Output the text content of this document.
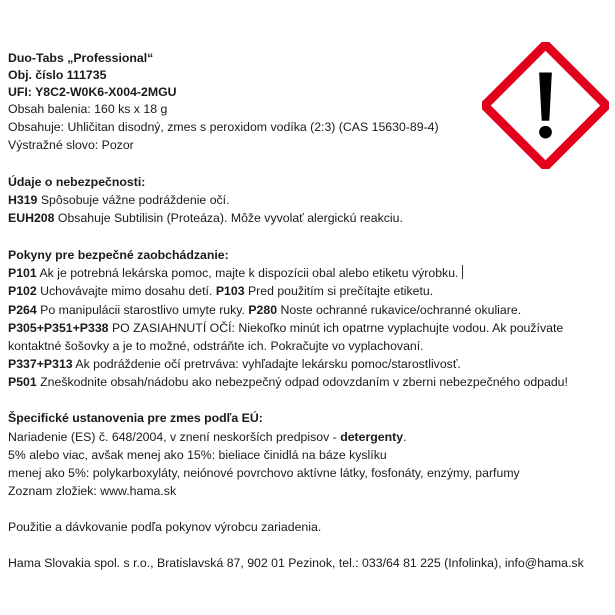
Duo-Tabs „Professional“
Obj. číslo 111735
UFI: Y8C2-W0K6-X004-2MGU
Obsah balenia: 160 ks x 18 g
Obsahuje: Uhličitan disodný, zmes s peroxidom vodíka (2:3) (CAS 15630-89-4)
Výstražné slovo: Pozor
Údaje o nebezpečnosti:
H319 Spôsobuje vážne podráždenie očí.
EUH208 Obsahuje Subtilisin (Proteáza). Môže vyvolať alergickú reakciu.
Pokyny pre bezpečné zaobchádzanie:
P101 Ak je potrebná lekárska pomoc, majte k dispozícii obal alebo etiketu výrobku.
P102 Uchovávajte mimo dosahu detí. P103 Pred použitím si prečítajte etiketu.
P264 Po manipulácii starostlivo umyte ruky. P280 Noste ochranné rukavice/ochranné okuliare.
P305+P351+P338 PO ZASIAHNUTÍ OČÍ: Niekoľko minút ich opatrne vyplachujte vodou. Ak používate
kontaktné šošovky a je to možné, odstráňte ich. Pokračujte vo vyplachovaní.
P337+P313 Ak podráždenie očí pretrváva: vyhľadajte lekársku pomoc/starostlivosť.
P501 Zneškodnite obsah/nádobu ako nebezpečný odpad odovzdaním v zberni nebezpečného odpadu!
Špecifické ustanovenia pre zmes podľa EÚ:
Nariadenie (ES) č. 648/2004, v znení neskorších predpisov - detergenty.
5% alebo viac, avšak menej ako 15%: bieliace činidlá na báze kyslíku
menej ako 5%: polykarboxyláty, neiónové povrchovo aktívne látky, fosfonáty, enzýmy, parfumy
Zoznam zložiek: www.hama.sk
Použitie a dávkovanie podľa pokynov výrobcu zariadenia.
Hama Slovakia spol. s r.o., Bratislavská 87, 902 01 Pezinok, tel.: 033/64 81 225 (Infolinka), info@hama.sk
